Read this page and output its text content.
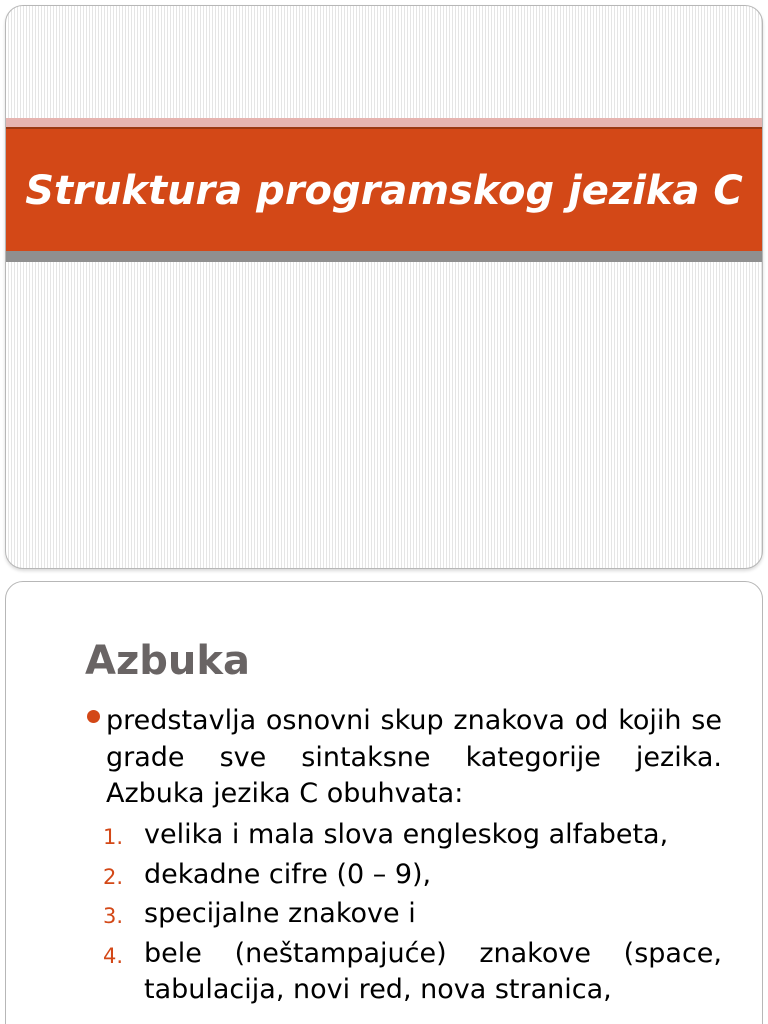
Struktura programskog jezika C
Azbuka

predstavlja osnovni skup znakova od kojih se grade sve sintaksne kategorije jezika. Azbuka jezika C obuhvata:

1. velika i mala slova engleskog alfabeta,
2. dekadne cifre (0 – 9),
3. specijalne znakove i
4. bele (neštampajuće) znakove (space, tabulacija, novi red, nova stranica,
